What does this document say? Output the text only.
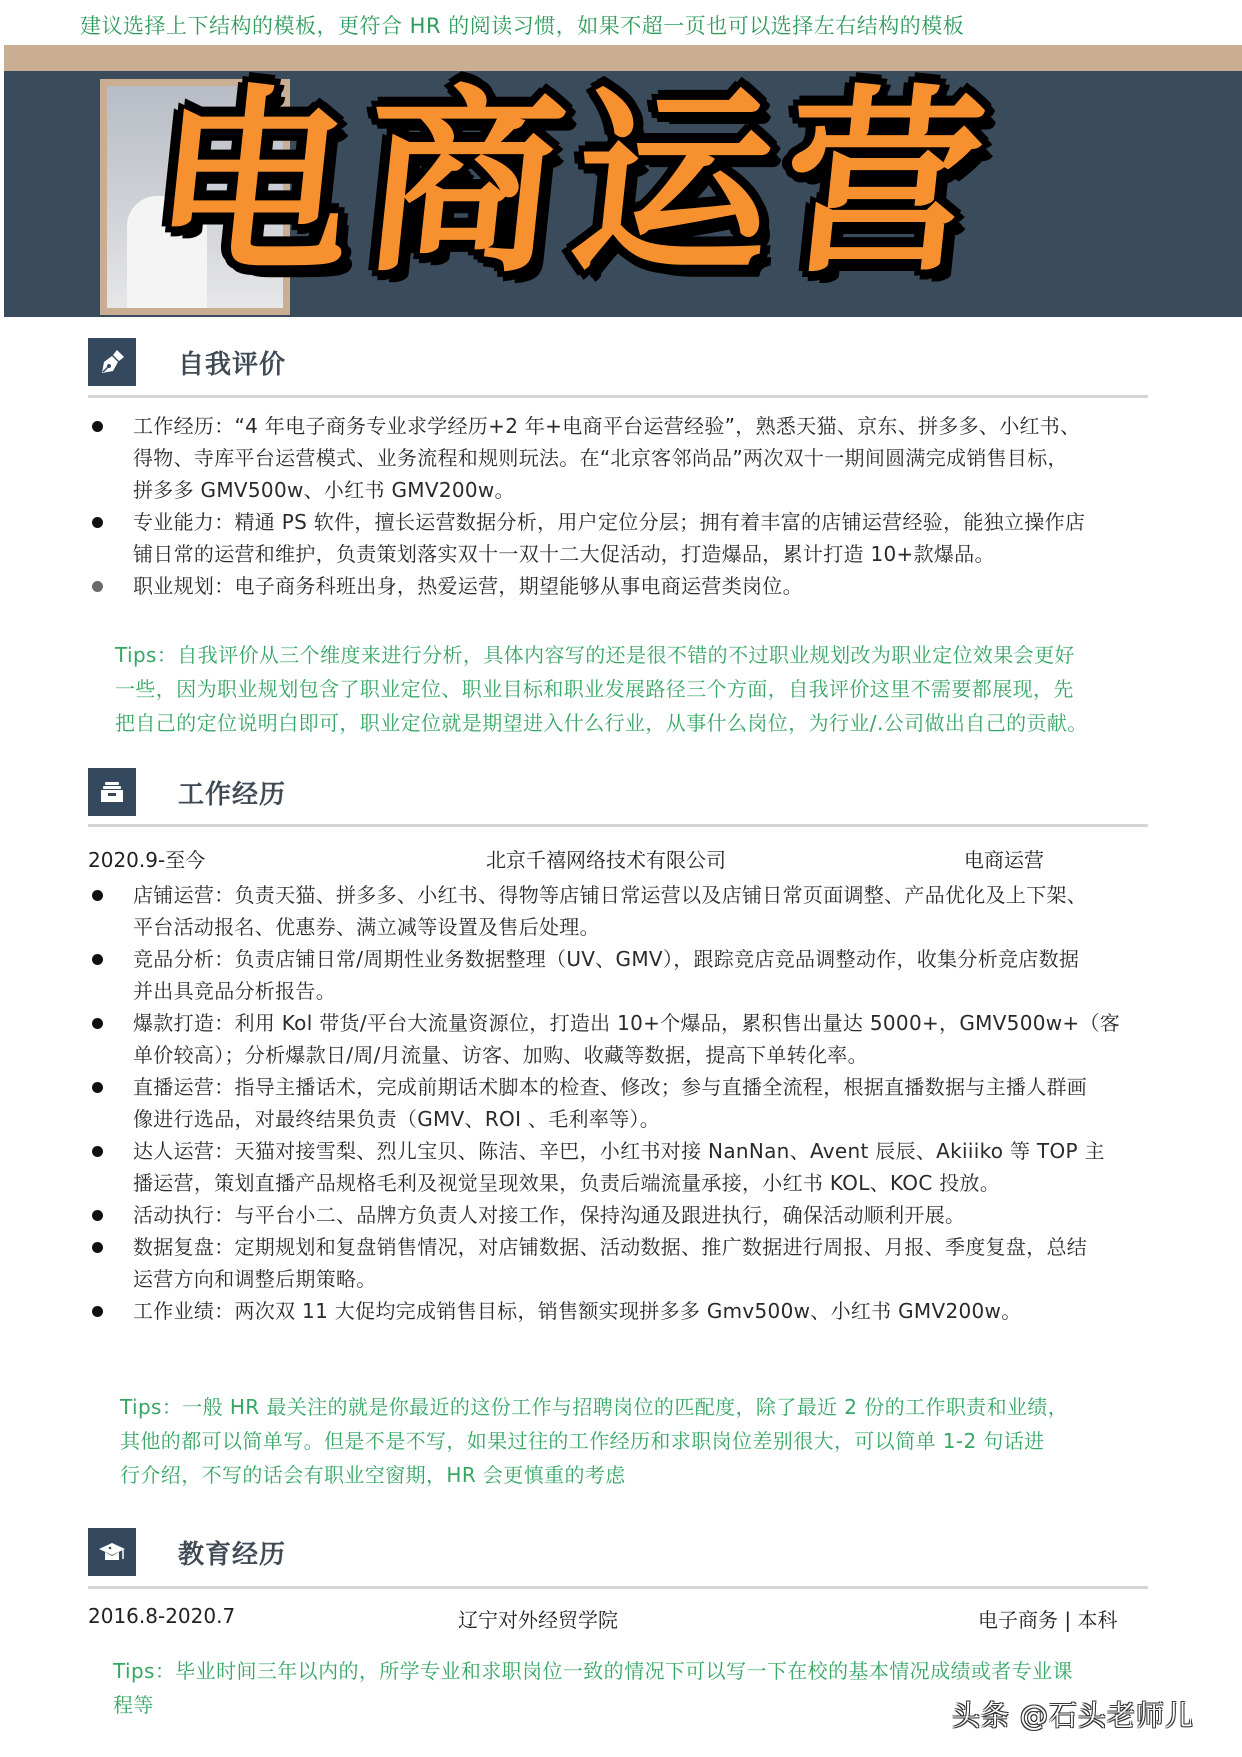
建议选择上下结构的模板，更符合 HR 的阅读习惯，如果不超一页也可以选择左右结构的模板
电
商
运
营
自我评价
工作经历：“4 年电子商务专业求学经历+2 年+电商平台运营经验”，熟悉天猫、京东、拼多多、小红书、
得物、寺库平台运营模式、业务流程和规则玩法。在“北京客邻尚品”两次双十一期间圆满完成销售目标，
拼多多 GMV500w、小红书 GMV200w。
专业能力：精通 PS 软件，擅长运营数据分析，用户定位分层；拥有着丰富的店铺运营经验，能独立操作店
铺日常的运营和维护，负责策划落实双十一双十二大促活动，打造爆品，累计打造 10+款爆品。
职业规划：电子商务科班出身，热爱运营，期望能够从事电商运营类岗位。
Tips：自我评价从三个维度来进行分析，具体内容写的还是很不错的不过职业规划改为职业定位效果会更好
一些，因为职业规划包含了职业定位、职业目标和职业发展路径三个方面，自我评价这里不需要都展现，先
把自己的定位说明白即可，职业定位就是期望进入什么行业，从事什么岗位，为行业/.公司做出自己的贡献。
工作经历
2020.9-至今	北京千禧网络技术有限公司	电商运营
店铺运营：负责天猫、拼多多、小红书、得物等店铺日常运营以及店铺日常页面调整、产品优化及上下架、
平台活动报名、优惠券、满立减等设置及售后处理。
竞品分析：负责店铺日常/周期性业务数据整理（UV、GMV），跟踪竞店竞品调整动作，收集分析竞店数据
并出具竞品分析报告。
爆款打造：利用 Kol 带货/平台大流量资源位，打造出 10+个爆品，累积售出量达 5000+，GMV500w+（客
单价较高）；分析爆款日/周/月流量、访客、加购、收藏等数据，提高下单转化率。
直播运营：指导主播话术，完成前期话术脚本的检查、修改；参与直播全流程，根据直播数据与主播人群画
像进行选品，对最终结果负责（GMV、ROI 、毛利率等）。
达人运营：天猫对接雪梨、烈儿宝贝、陈洁、辛巴，小红书对接 NanNan、Avent 辰辰、Akiiiko 等 TOP 主
播运营，策划直播产品规格毛利及视觉呈现效果，负责后端流量承接，小红书 KOL、KOC 投放。
活动执行：与平台小二、品牌方负责人对接工作，保持沟通及跟进执行，确保活动顺利开展。
数据复盘：定期规划和复盘销售情况，对店铺数据、活动数据、推广数据进行周报、月报、季度复盘，总结
运营方向和调整后期策略。
工作业绩：两次双 11 大促均完成销售目标，销售额实现拼多多 Gmv500w、小红书 GMV200w。
Tips：一般 HR 最关注的就是你最近的这份工作与招聘岗位的匹配度，除了最近 2 份的工作职责和业绩，
其他的都可以简单写。但是不是不写，如果过往的工作经历和求职岗位差别很大，可以简单 1-2 句话进
行介绍，不写的话会有职业空窗期，HR 会更慎重的考虑
教育经历
2016.8-2020.7	辽宁对外经贸学院	电子商务 | 本科
Tips：毕业时间三年以内的，所学专业和求职岗位一致的情况下可以写一下在校的基本情况成绩或者专业课
程等	头条 @石头老师儿
